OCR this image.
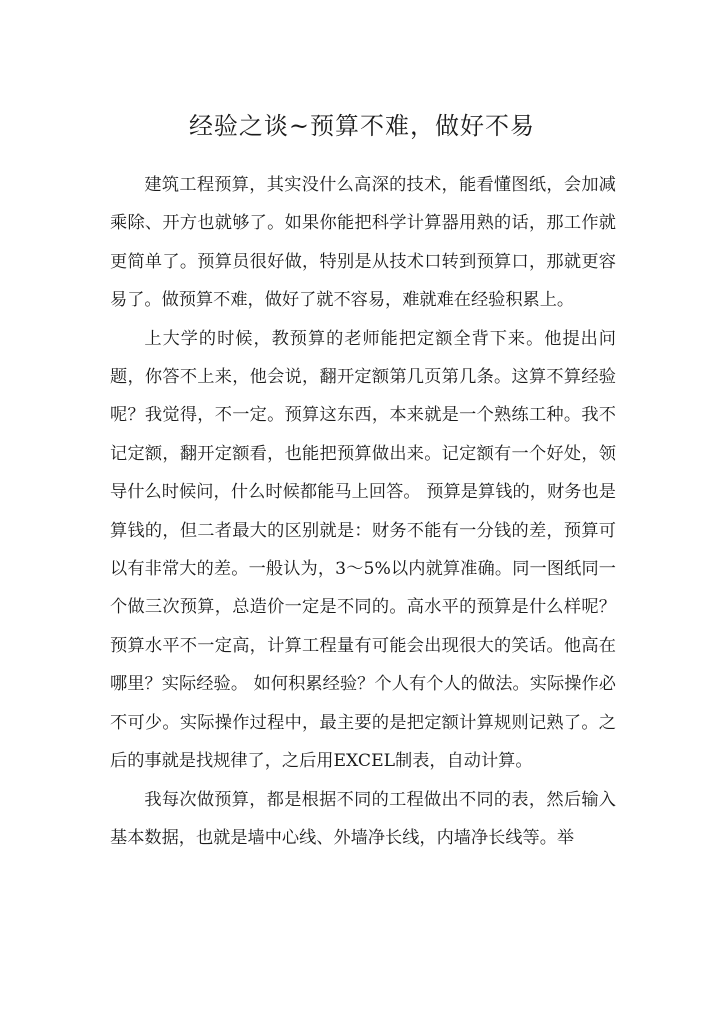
经验之谈~预算不难，做好不易

建筑工程预算，其实没什么高深的技术，能看懂图纸，会加减乘除、开方也就够了。如果你能把科学计算器用熟的话，那工作就更简单了。预算员很好做，特别是从技术口转到预算口，那就更容易了。做预算不难，做好了就不容易，难就难在经验积累上。

上大学的时候，教预算的老师能把定额全背下来。他提出问题，你答不上来，他会说，翻开定额第几页第几条。这算不算经验呢？我觉得，不一定。预算这东西，本来就是一个熟练工种。我不记定额，翻开定额看，也能把预算做出来。记定额有一个好处，领导什么时候问，什么时候都能马上回答。 预算是算钱的，财务也是算钱的，但二者最大的区别就是：财务不能有一分钱的差，预算可以有非常大的差。一般认为，3～5%以内就算准确。同一图纸同一个做三次预算，总造价一定是不同的。高水平的预算是什么样呢？预算水平不一定高，计算工程量有可能会出现很大的笑话。他高在哪里？实际经验。 如何积累经验？个人有个人的做法。实际操作必不可少。实际操作过程中，最主要的是把定额计算规则记熟了。之后的事就是找规律了，之后用EXCEL制表，自动计算。

我每次做预算，都是根据不同的工程做出不同的表，然后输入基本数据，也就是墙中心线、外墙净长线，内墙净长线等。举
